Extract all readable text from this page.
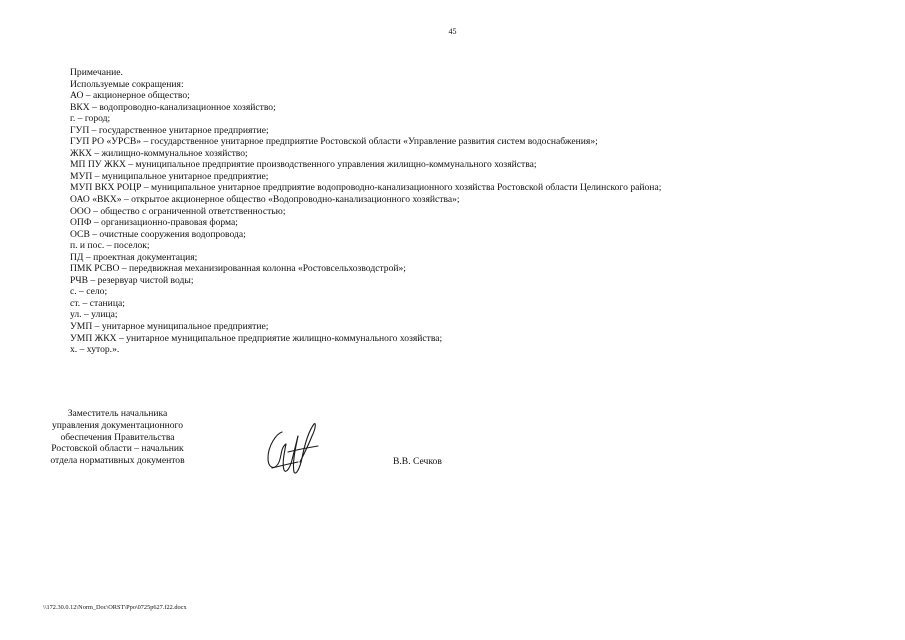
45
Примечание.
Используемые сокращения:
АО – акционерное общество;
ВКХ – водопроводно-канализационное хозяйство;
г. – город;
ГУП – государственное унитарное предприятие;
ГУП РО «УРСВ» – государственное унитарное предприятие Ростовской области «Управление развития систем водоснабжения»;
ЖКХ – жилищно-коммунальное хозяйство;
МП ПУ ЖКХ – муниципальное предприятие производственного управления жилищно-коммунального хозяйства;
МУП – муниципальное унитарное предприятие;
МУП ВКХ РОЦР – муниципальное унитарное предприятие водопроводно-канализационного хозяйства Ростовской области Целинского района;
ОАО «ВКХ» – открытое акционерное общество «Водопроводно-канализационного хозяйства»;
ООО – общество с ограниченной ответственностью;
ОПФ – организационно-правовая форма;
ОСВ – очистные сооружения водопровода;
п. и пос. – поселок;
ПД – проектная документация;
ПМК РСВО – передвижная механизированная колонна «Ростовсельхозводстрой»;
РЧВ – резервуар чистой воды;
с. – село;
ст. – станица;
ул. – улица;
УМП – унитарное муниципальное предприятие;
УМП ЖКХ – унитарное муниципальное предприятие жилищно-коммунального хозяйства;
х. – хутор.».
Заместитель начальника
управления документационного
обеспечения Правительства
Ростовской области – начальник
отдела нормативных документов	В.В. Сечков
\\172.30.0.12\Norm_Doc\ORST\Ppo\0725p627.f22.docx
